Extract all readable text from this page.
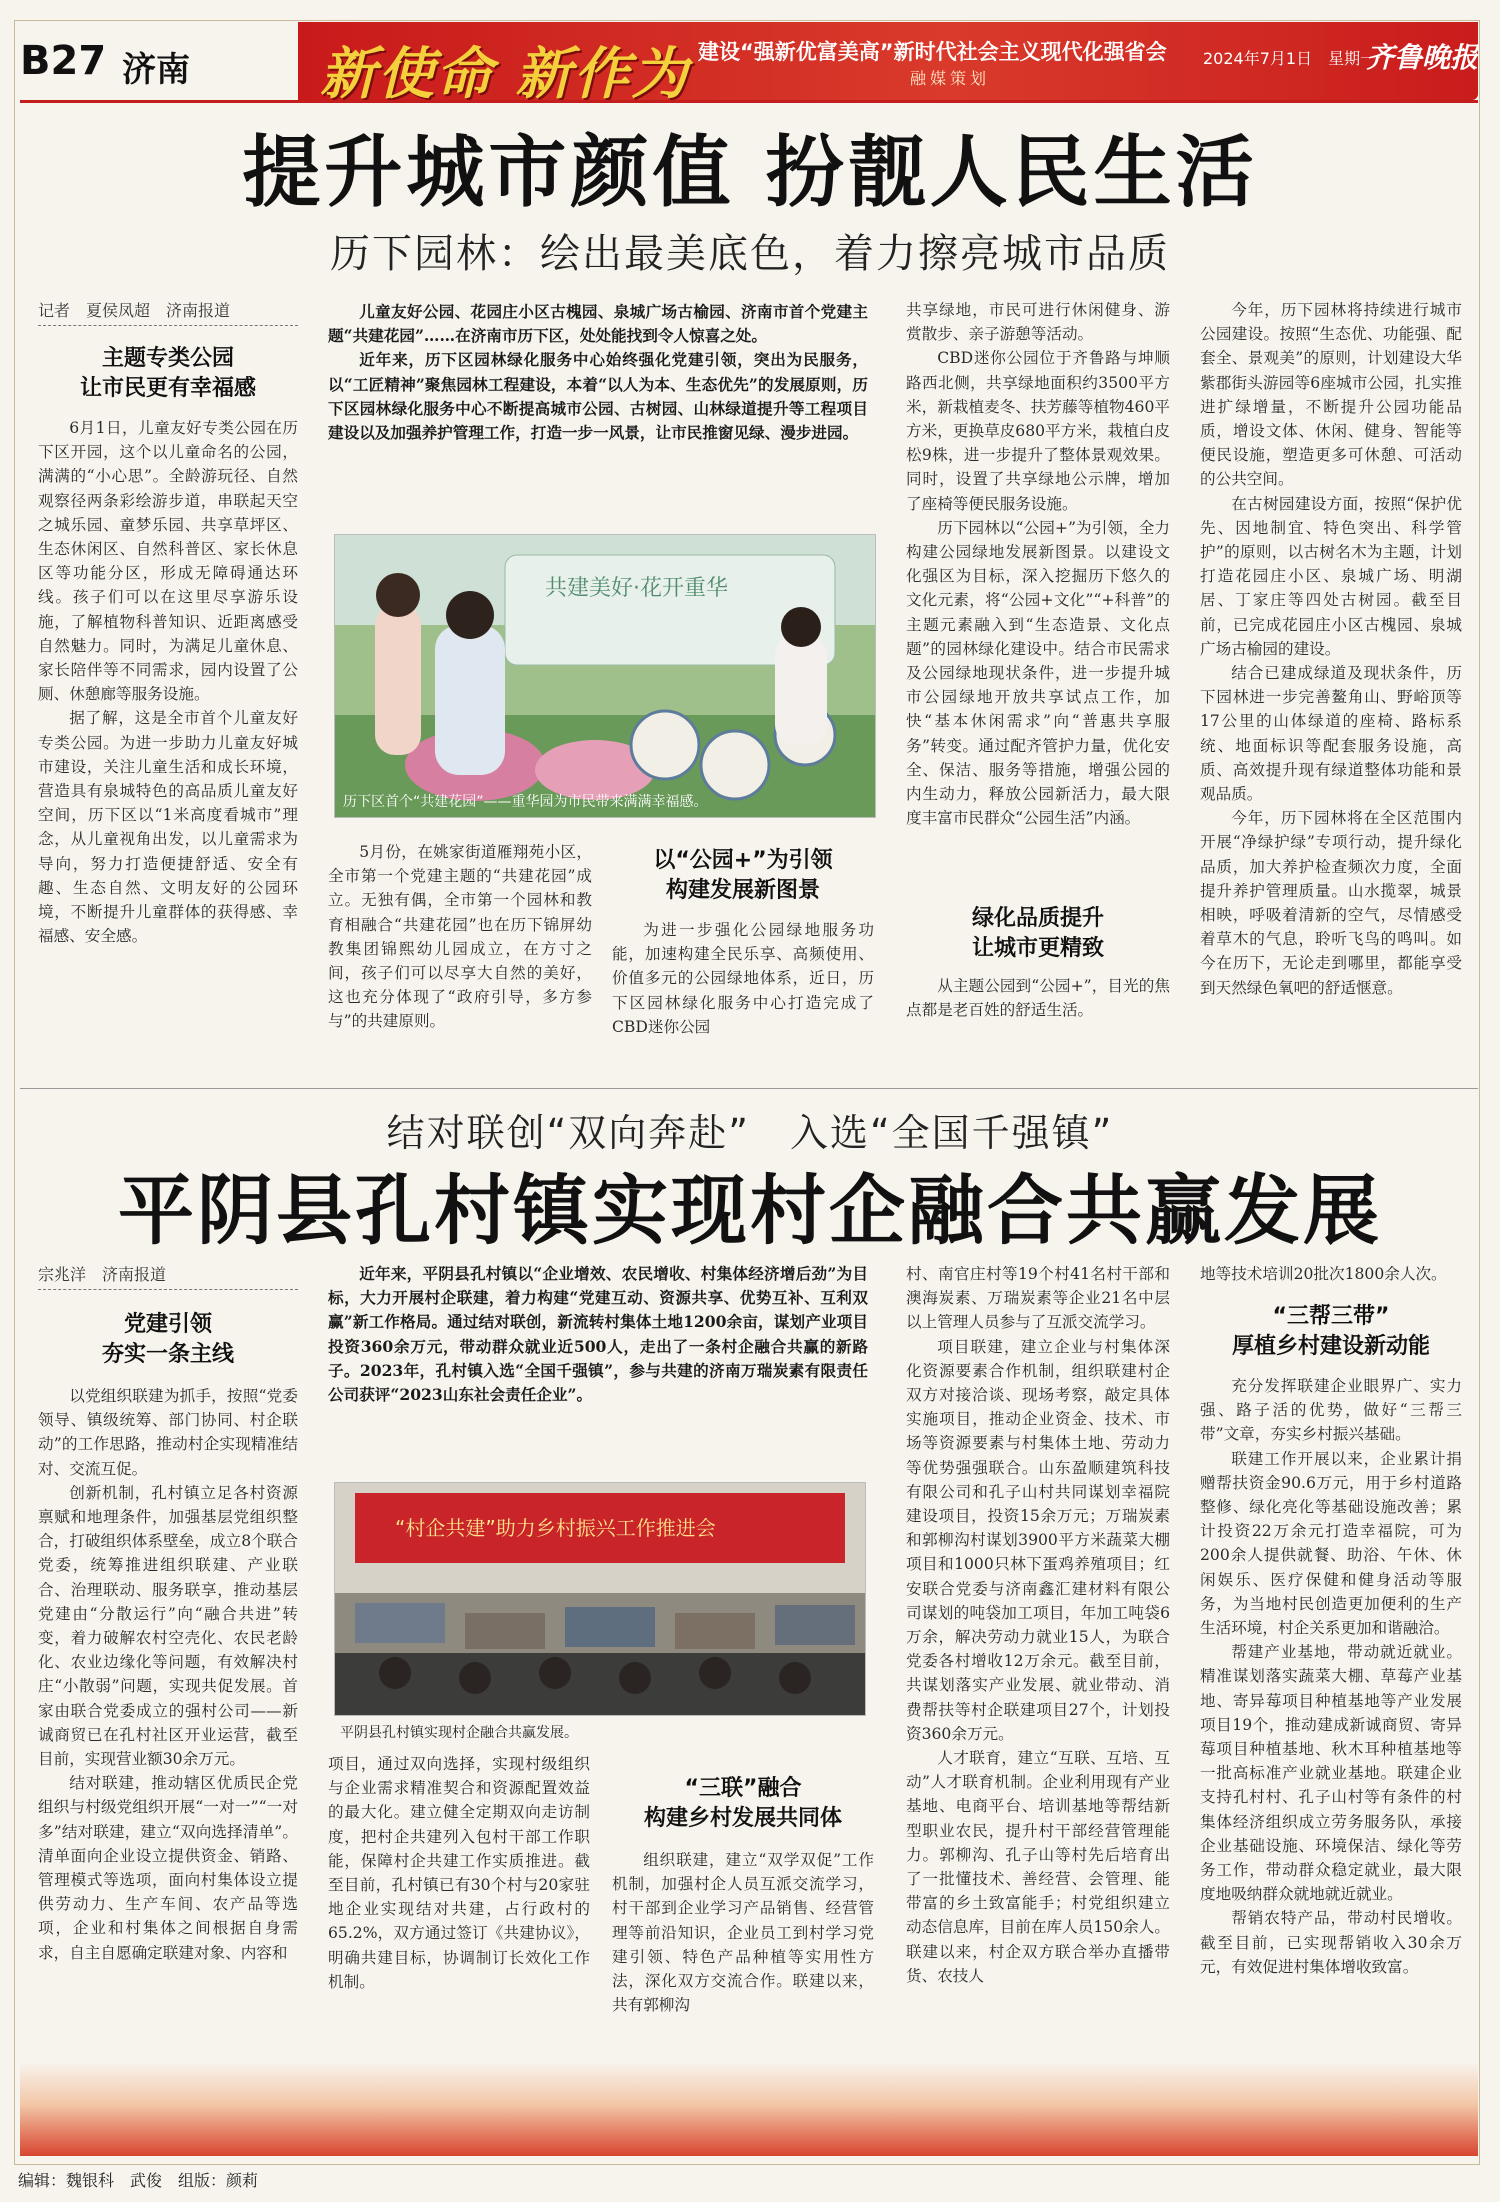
B27 济南 新使命 新作为 建设“强新优富美高”新时代社会主义现代化强省会
融媒策划
2024年7月1日　星期一
齐鲁晚报
提升城市颜值 扮靓人民生活
历下园林：绘出最美底色，着力擦亮城市品质
记者　夏侯凤超　济南报道
主题专类公园
让市民更有幸福感

6月1日，儿童友好专类公园在历下区开园，这个以儿童命名的公园，满满的“小心思”。全龄游玩径、自然观察径两条彩绘游步道，串联起天空之城乐园、童梦乐园、共享草坪区、生态休闲区、自然科普区、家长休息区等功能分区，形成无障碍通达环线。孩子们可以在这里尽享游乐设施，了解植物科普知识、近距离感受自然魅力。同时，为满足儿童休息、家长陪伴等不同需求，园内设置了公厕、休憩廊等服务设施。

据了解，这是全市首个儿童友好专类公园。为进一步助力儿童友好城市建设，关注儿童生活和成长环境，营造具有泉城特色的高品质儿童友好空间，历下区以“1米高度看城市”理念，从儿童视角出发，以儿童需求为导向，努力打造便捷舒适、安全有趣、生态自然、文明友好的公园环境，不断提升儿童群体的获得感、幸福感、安全感。

儿童友好公园、花园庄小区古槐园、泉城广场古榆园、济南市首个党建主题“共建花园”……在济南市历下区，处处能找到令人惊喜之处。

近年来，历下区园林绿化服务中心始终强化党建引领，突出为民服务，以“工匠精神”聚焦园林工程建设，本着“以人为本、生态优先”的发展原则，历下区园林绿化服务中心不断提高城市公园、古树园、山林绿道提升等工程项目建设以及加强养护管理工作，打造一步一风景，让市民推窗见绿、漫步进园。

共建美好·花开重华
历下区首个“共建花园”——重华园为市民带来满满幸福感。

5月份，在姚家街道雁翔苑小区，全市第一个党建主题的“共建花园”成立。无独有偶，全市第一个园林和教育相融合“共建花园”也在历下锦屏幼教集团锦熙幼儿园成立，在方寸之间，孩子们可以尽享大自然的美好，这也充分体现了“政府引导，多方参与”的共建原则。

以“公园+”为引领
构建发展新图景

为进一步强化公园绿地服务功能，加速构建全民乐享、高频使用、价值多元的公园绿地体系，近日，历下区园林绿化服务中心打造完成了CBD迷你公园

共享绿地，市民可进行休闲健身、游赏散步、亲子游憩等活动。

CBD迷你公园位于齐鲁路与坤顺路西北侧，共享绿地面积约3500平方米，新栽植麦冬、扶芳藤等植物460平方米，更换草皮680平方米，栽植白皮松9株，进一步提升了整体景观效果。同时，设置了共享绿地公示牌，增加了座椅等便民服务设施。

历下园林以“公园+”为引领，全力构建公园绿地发展新图景。以建设文化强区为目标，深入挖掘历下悠久的文化元素，将“公园+文化”“+科普”的主题元素融入到“生态造景、文化点题”的园林绿化建设中。结合市民需求及公园绿地现状条件，进一步提升城市公园绿地开放共享试点工作，加快“基本休闲需求”向“普惠共享服务”转变。通过配齐管护力量，优化安全、保洁、服务等措施，增强公园的内生动力，释放公园新活力，最大限度丰富市民群众“公园生活”内涵。

绿化品质提升
让城市更精致

从主题公园到“公园+”，目光的焦点都是老百姓的舒适生活。

今年，历下园林将持续进行城市公园建设。按照“生态优、功能强、配套全、景观美”的原则，计划建设大华紫郡街头游园等6座城市公园，扎实推进扩绿增量，不断提升公园功能品质，增设文体、休闲、健身、智能等便民设施，塑造更多可休憩、可活动的公共空间。

在古树园建设方面，按照“保护优先、因地制宜、特色突出、科学管护”的原则，以古树名木为主题，计划打造花园庄小区、泉城广场、明湖居、丁家庄等四处古树园。截至目前，已完成花园庄小区古槐园、泉城广场古榆园的建设。

结合已建成绿道及现状条件，历下园林进一步完善鳌角山、野峪顶等17公里的山体绿道的座椅、路标系统、地面标识等配套服务设施，高质、高效提升现有绿道整体功能和景观品质。

今年，历下园林将在全区范围内开展“净绿护绿”专项行动，提升绿化品质，加大养护检查频次力度，全面提升养护管理质量。山水揽翠，城景相映，呼吸着清新的空气，尽情感受着草木的气息，聆听飞鸟的鸣叫。如今在历下，无论走到哪里，都能享受到天然绿色氧吧的舒适惬意。

结对联创“双向奔赴”　入选“全国千强镇”
平阴县孔村镇实现村企融合共赢发展
宗兆洋　济南报道
党建引领
夯实一条主线

以党组织联建为抓手，按照“党委领导、镇级统筹、部门协同、村企联动”的工作思路，推动村企实现精准结对、交流互促。

创新机制，孔村镇立足各村资源禀赋和地理条件，加强基层党组织整合，打破组织体系壁垒，成立8个联合党委，统筹推进组织联建、产业联合、治理联动、服务联享，推动基层党建由“分散运行”向“融合共进”转变，着力破解农村空壳化、农民老龄化、农业边缘化等问题，有效解决村庄“小散弱”问题，实现共促发展。首家由联合党委成立的强村公司——新诚商贸已在孔村社区开业运营，截至目前，实现营业额30余万元。

结对联建，推动辖区优质民企党组织与村级党组织开展“一对一”“一对多”结对联建，建立“双向选择清单”。清单面向企业设立提供资金、销路、管理模式等选项，面向村集体设立提供劳动力、生产车间、农产品等选项，企业和村集体之间根据自身需求，自主自愿确定联建对象、内容和

近年来，平阴县孔村镇以“企业增效、农民增收、村集体经济增后劲”为目标，大力开展村企联建，着力构建“党建互动、资源共享、优势互补、互利双赢”新工作格局。通过结对联创，新流转村集体土地1200余亩，谋划产业项目投资360余万元，带动群众就业近500人，走出了一条村企融合共赢的新路子。2023年，孔村镇入选“全国千强镇”，参与共建的济南万瑞炭素有限责任公司获评“2023山东社会责任企业”。

“村企共建”助力乡村振兴工作推进会
平阴县孔村镇实现村企融合共赢发展。

项目，通过双向选择，实现村级组织与企业需求精准契合和资源配置效益的最大化。建立健全定期双向走访制度，把村企共建列入包村干部工作职能，保障村企共建工作实质推进。截至目前，孔村镇已有30个村与20家驻地企业实现结对共建，占行政村的65.2%，双方通过签订《共建协议》，明确共建目标，协调制订长效化工作机制。

“三联”融合
构建乡村发展共同体

组织联建，建立“双学双促”工作机制，加强村企人员互派交流学习，村干部到企业学习产品销售、经营管理等前沿知识，企业员工到村学习党建引领、特色产品种植等实用性方法，深化双方交流合作。联建以来，共有郭柳沟

村、南官庄村等19个村41名村干部和澳海炭素、万瑞炭素等企业21名中层以上管理人员参与了互派交流学习。

项目联建，建立企业与村集体深化资源要素合作机制，组织联建村企双方对接洽谈、现场考察，敲定具体实施项目，推动企业资金、技术、市场等资源要素与村集体土地、劳动力等优势强强联合。山东盈顺建筑科技有限公司和孔子山村共同谋划幸福院建设项目，投资15余万元；万瑞炭素和郭柳沟村谋划3900平方米蔬菜大棚项目和1000只林下蛋鸡养殖项目；红安联合党委与济南鑫汇建材料有限公司谋划的吨袋加工项目，年加工吨袋6万余，解决劳动力就业15人，为联合党委各村增收12万余元。截至目前，共谋划落实产业发展、就业带动、消费帮扶等村企联建项目27个，计划投资360余万元。

人才联育，建立“互联、互培、互动”人才联育机制。企业利用现有产业基地、电商平台、培训基地等帮结新型职业农民，提升村干部经营管理能力。郭柳沟、孔子山等村先后培育出了一批懂技术、善经营、会管理、能带富的乡土致富能手；村党组织建立动态信息库，目前在库人员150余人。联建以来，村企双方联合举办直播带货、农技人

地等技术培训20批次1800余人次。

“三帮三带”
厚植乡村建设新动能

充分发挥联建企业眼界广、实力强、路子活的优势，做好“三帮三带”文章，夯实乡村振兴基础。

联建工作开展以来，企业累计捐赠帮扶资金90.6万元，用于乡村道路整修、绿化亮化等基础设施改善；累计投资22万余元打造幸福院，可为200余人提供就餐、助浴、午休、休闲娱乐、医疗保健和健身活动等服务，为当地村民创造更加便利的生产生活环境，村企关系更加和谐融洽。

帮建产业基地，带动就近就业。精准谋划落实蔬菜大棚、草莓产业基地、寄异莓项目种植基地等产业发展项目19个，推动建成新诚商贸、寄异莓项目种植基地、秋木耳种植基地等一批高标准产业就业基地。联建企业支持孔村村、孔子山村等有条件的村集体经济组织成立劳务服务队，承接企业基础设施、环境保洁、绿化等劳务工作，带动群众稳定就业，最大限度地吸纳群众就地就近就业。

帮销农特产品，带动村民增收。截至目前，已实现帮销收入30余万元，有效促进村集体增收致富。

编辑：魏银科　武俊　组版：颜莉
